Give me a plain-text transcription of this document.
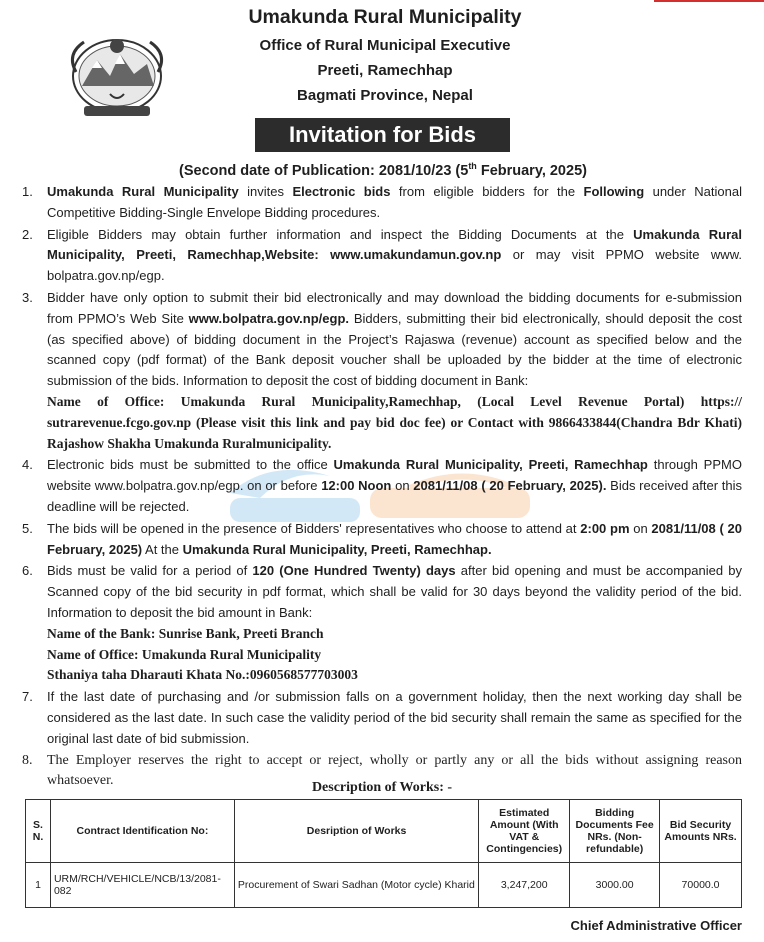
Umakunda Rural Municipality
Office of Rural Municipal Executive
Preeti, Ramechhap
Bagmati Province, Nepal
Invitation for Bids
(Second date of Publication: 2081/10/23 (5th February, 2025)
1. Umakunda Rural Municipality invites Electronic bids from eligible bidders for the Following under National Competitive Bidding-Single Envelope Bidding procedures.

2. Eligible Bidders may obtain further information and inspect the Bidding Documents at the Umakunda Rural Municipality, Preeti, Ramechhap,Website: www.umakundamun.gov.np or may visit PPMO website www. bolpatra.gov.np/egp.

3. Bidder have only option to submit their bid electronically and may download the bidding documents for e-submission from PPMO’s Web Site www.bolpatra.gov.np/egp. Bidders, submitting their bid electronically, should deposit the cost (as specified above) of bidding document in the Project’s Rajaswa (revenue) account as specified below and the scanned copy (pdf format) of the Bank deposit voucher shall be uploaded by the bidder at the time of electronic submission of the bids. Information to deposit the cost of bidding document in Bank:

Name of Office: Umakunda Rural Municipality,Ramechhap, (Local Level Revenue Portal) https:// sutrarevenue.fcgo.gov.np (Please visit this link and pay bid doc fee) or Contact with 9866433844(Chandra Bdr Khati) Rajashow Shakha Umakunda Ruralmunicipality.

4. Electronic bids must be submitted to the office Umakunda Rural Municipality, Preeti, Ramechhap through PPMO website www.bolpatra.gov.np/egp. on or before 12:00 Noon on 2081/11/08 ( 20 February, 2025). Bids received after this deadline will be rejected.

5. The bids will be opened in the presence of Bidders' representatives who choose to attend at 2:00 pm on 2081/11/08 ( 20 February, 2025) At the Umakunda Rural Municipality, Preeti, Ramechhap.

6. Bids must be valid for a period of 120 (One Hundred Twenty) days after bid opening and must be accompanied by Scanned copy of the bid security in pdf format, which shall be valid for 30 days beyond the validity period of the bid. Information to deposit the bid amount in Bank:

Name of the Bank: Sunrise Bank, Preeti Branch

Name of Office: Umakunda Rural Municipality

Sthaniya taha Dharauti Khata No.:0960568577703003

7. If the last date of purchasing and /or submission falls on a government holiday, then the next working day shall be considered as the last date. In such case the validity period of the bid security shall remain the same as specified for the original last date of bid submission.

8. The Employer reserves the right to accept or reject, wholly or partly any or all the bids without assigning reason whatsoever.	Description of Works: -
S. N.	Contract Identification No:	Desription of Works	Estimated Amount (With VAT & Contingencies)	Bidding Documents Fee NRs. (Non-refundable)	Bid Security Amounts NRs.
1	URM/RCH/VEHICLE/NCB/13/2081-082	Procurement of Swari Sadhan (Motor cycle) Kharid	3,247,200	3000.00	70000.0
Chief Administrative Officer
